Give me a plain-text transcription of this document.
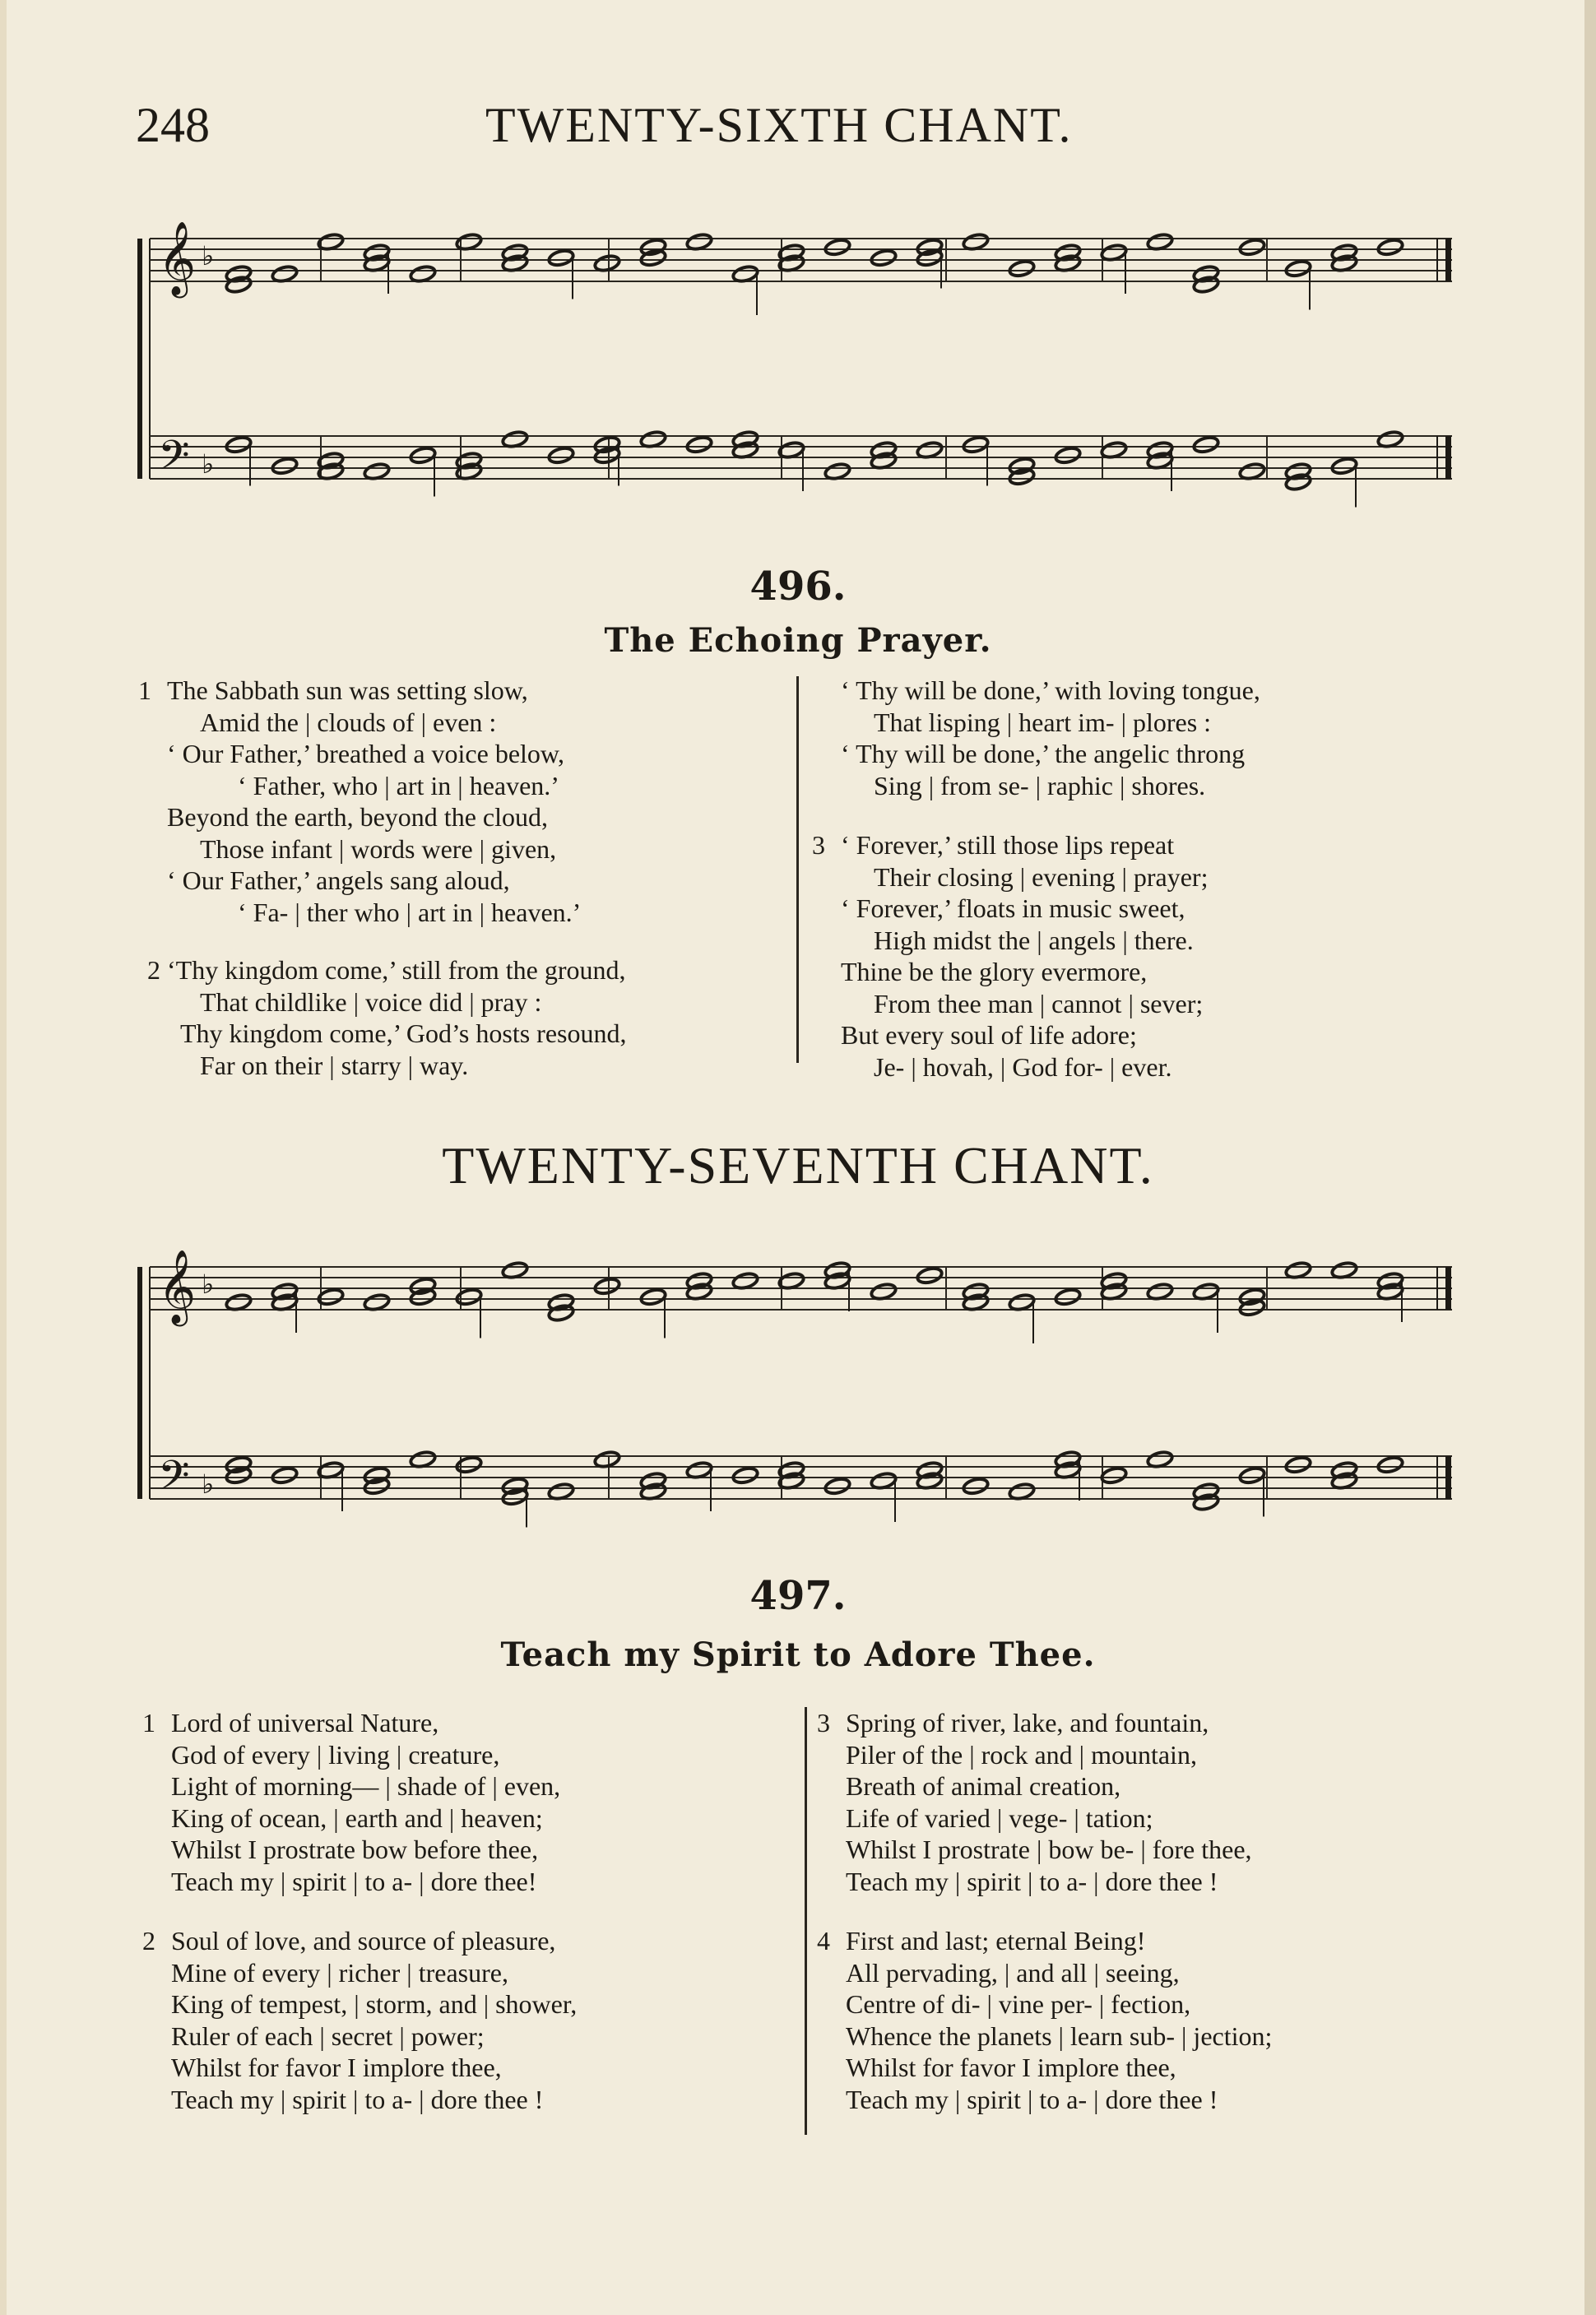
248	TWENTY-SIXTH CHANT.
𝄞 ♭
𝄢 ♭
496.
The Echoing Prayer.
1 The Sabbath sun was setting slow,
Amid the | clouds of | even :
‘ Our Father,’ breathed a voice below,
‘ Father, who | art in | heaven.’
Beyond the earth, beyond the cloud,
Those infant | words were | given,
‘ Our Father,’ angels sang aloud,
‘ Fa- | ther who | art in | heaven.’
2 ‘Thy kingdom come,’ still from the ground,
That childlike | voice did | pray :
Thy kingdom come,’ God’s hosts resound,
Far on their | starry | way.
‘ Thy will be done,’ with loving tongue,
That lisping | heart im- | plores :
‘ Thy will be done,’ the angelic throng
Sing | from se- | raphic | shores.
3 ‘ Forever,’ still those lips repeat
Their closing | evening | prayer;
‘ Forever,’ floats in music sweet,
High midst the | angels | there.
Thine be the glory evermore,
From thee man | cannot | sever;
But every soul of life adore;
Je- | hovah, | God for- | ever.
TWENTY-SEVENTH CHANT.
𝄞 ♭
𝄢 ♭
497.
Teach my Spirit to Adore Thee.
1 Lord of universal Nature,
God of every | living | creature,
Light of morning— | shade of | even,
King of ocean, | earth and | heaven;
Whilst I prostrate bow before thee,
Teach my | spirit | to a- | dore thee!
2 Soul of love, and source of pleasure,
Mine of every | richer | treasure,
King of tempest, | storm, and | shower,
Ruler of each | secret | power;
Whilst for favor I implore thee,
Teach my | spirit | to a- | dore thee !
3 Spring of river, lake, and fountain,
Piler of the | rock and | mountain,
Breath of animal creation,
Life of varied | vege- | tation;
Whilst I prostrate | bow be- | fore thee,
Teach my | spirit | to a- | dore thee !
4 First and last; eternal Being!
All pervading, | and all | seeing,
Centre of di- | vine per- | fection,
Whence the planets | learn sub- | jection;
Whilst for favor I implore thee,
Teach my | spirit | to a- | dore thee !
